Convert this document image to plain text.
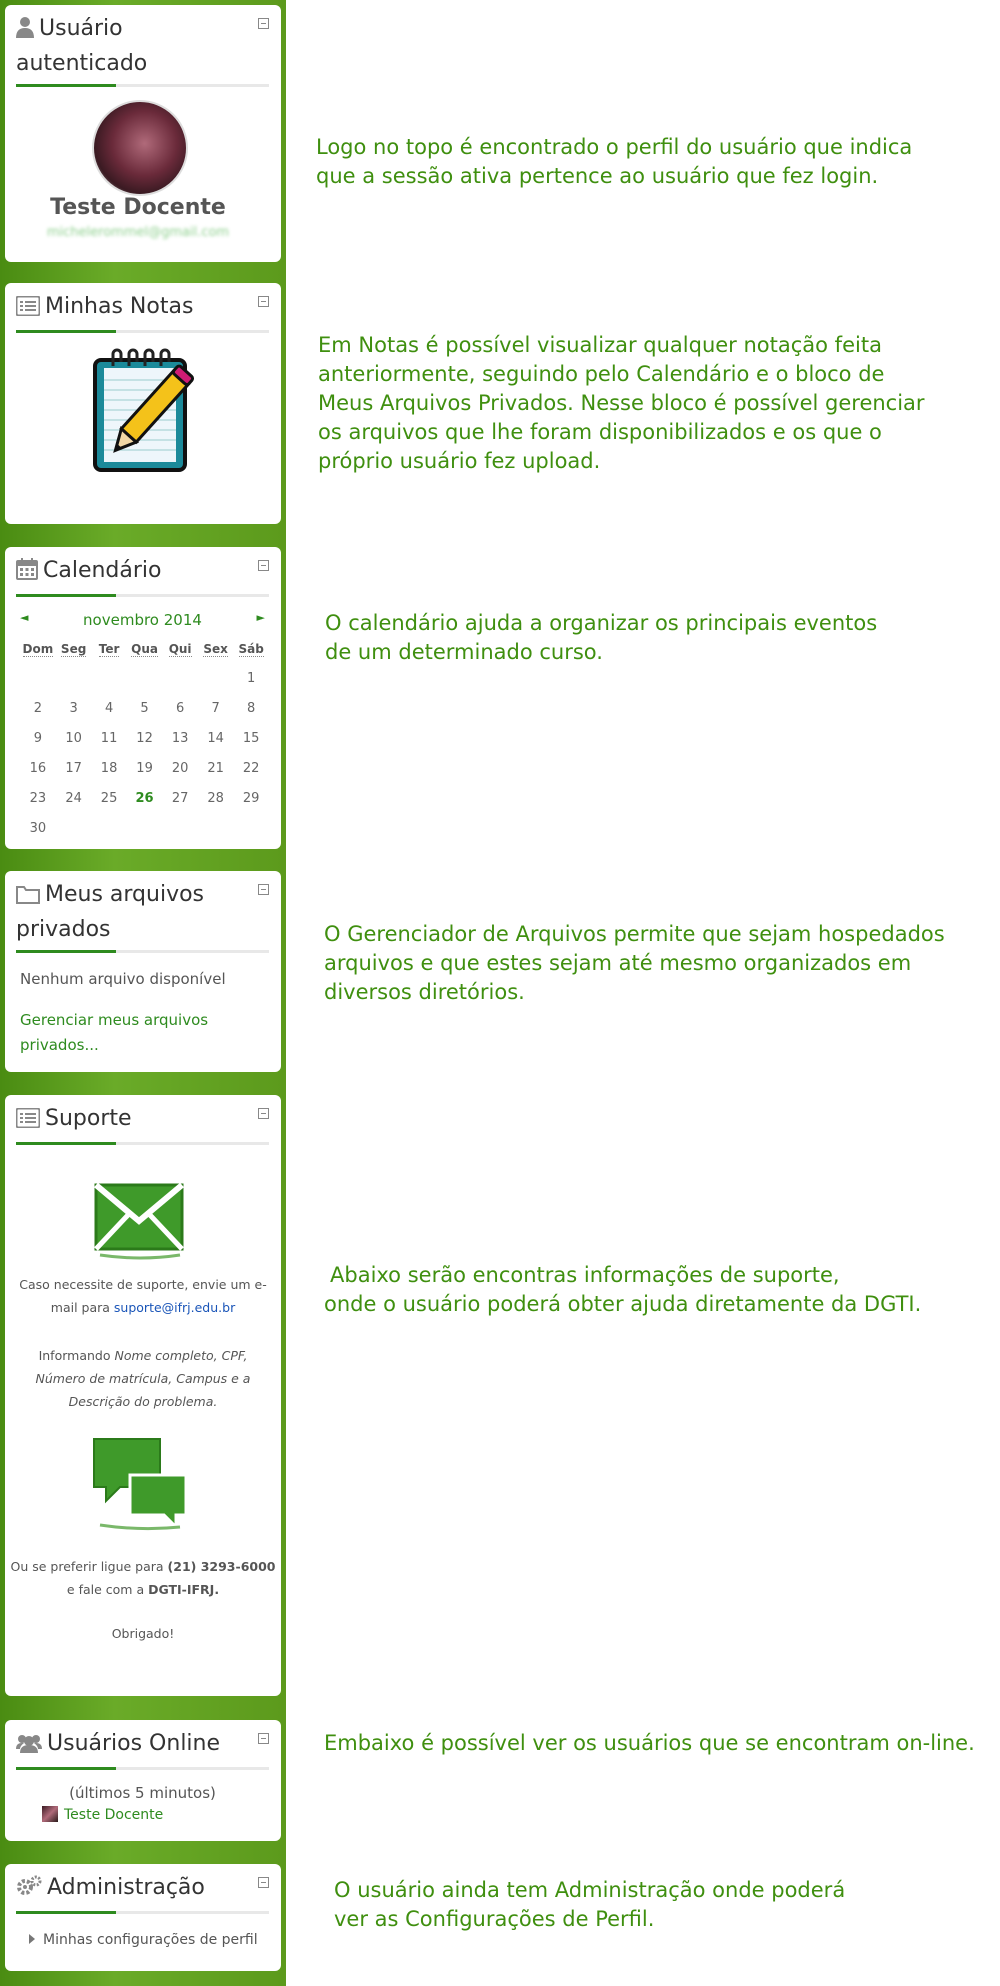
Usuário
autenticado
Teste Docente
michelerommel@gmail.com
Minhas Notas
Calendário
◄	novembro 2014	►
Dom	Seg	Ter	Qua	Qui	Sex	Sáb
						1
2	3	4	5	6	7	8
9	10	11	12	13	14	15
16	17	18	19	20	21	22
23	24	25	26	27	28	29
30						
Meus arquivos
privados
Nenhum arquivo disponível
Gerenciar meus arquivos
privados...
Suporte
Caso necessite de suporte, envie um e-
mail para suporte@ifrj.edu.br
Informando Nome completo, CPF,
Número de matrícula, Campus e a
Descrição do problema.
Ou se preferir ligue para (21) 3293-6000
e fale com a DGTI-IFRJ.
Obrigado!
Usuários Online
(últimos 5 minutos)
Teste Docente
Administração
Minhas configurações de perfil
Logo no topo é encontrado o perfil do usuário que indica
que a sessão ativa pertence ao usuário que fez login.
Em Notas é possível visualizar qualquer notação feita
anteriormente, seguindo pelo Calendário e o bloco de
Meus Arquivos Privados. Nesse bloco é possível gerenciar
os arquivos que lhe foram disponibilizados e os que o
próprio usuário fez upload.
O calendário ajuda a organizar os principais eventos
de um determinado curso.
O Gerenciador de Arquivos permite que sejam hospedados
arquivos e que estes sejam até mesmo organizados em
diversos diretórios.
Abaixo serão encontras informações de suporte,
onde o usuário poderá obter ajuda diretamente da DGTI.
Embaixo é possível ver os usuários que se encontram on-line.
O usuário ainda tem Administração onde poderá
ver as Configurações de Perfil.
